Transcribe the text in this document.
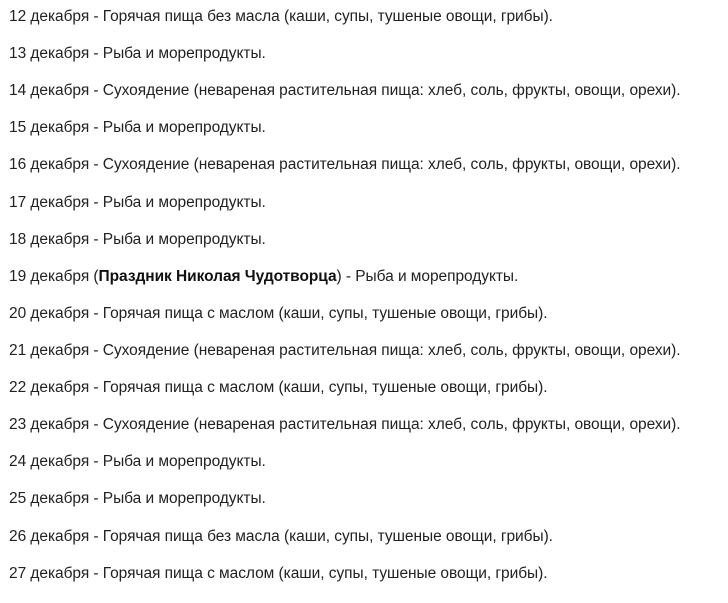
12 декабря - Горячая пища без масла (каши, супы, тушеные овощи, грибы).
13 декабря - Рыба и морепродукты.
14 декабря - Сухоядение (невареная растительная пища: хлеб, соль, фрукты, овощи, орехи).
15 декабря - Рыба и морепродукты.
16 декабря - Сухоядение (невареная растительная пища: хлеб, соль, фрукты, овощи, орехи).
17 декабря - Рыба и морепродукты.
18 декабря - Рыба и морепродукты.
19 декабря (Праздник Николая Чудотворца) - Рыба и морепродукты.
20 декабря - Горячая пища с маслом (каши, супы, тушеные овощи, грибы).
21 декабря - Сухоядение (невареная растительная пища: хлеб, соль, фрукты, овощи, орехи).
22 декабря - Горячая пища с маслом (каши, супы, тушеные овощи, грибы).
23 декабря - Сухоядение (невареная растительная пища: хлеб, соль, фрукты, овощи, орехи).
24 декабря - Рыба и морепродукты.
25 декабря - Рыба и морепродукты.
26 декабря - Горячая пища без масла (каши, супы, тушеные овощи, грибы).
27 декабря - Горячая пища с маслом (каши, супы, тушеные овощи, грибы).
